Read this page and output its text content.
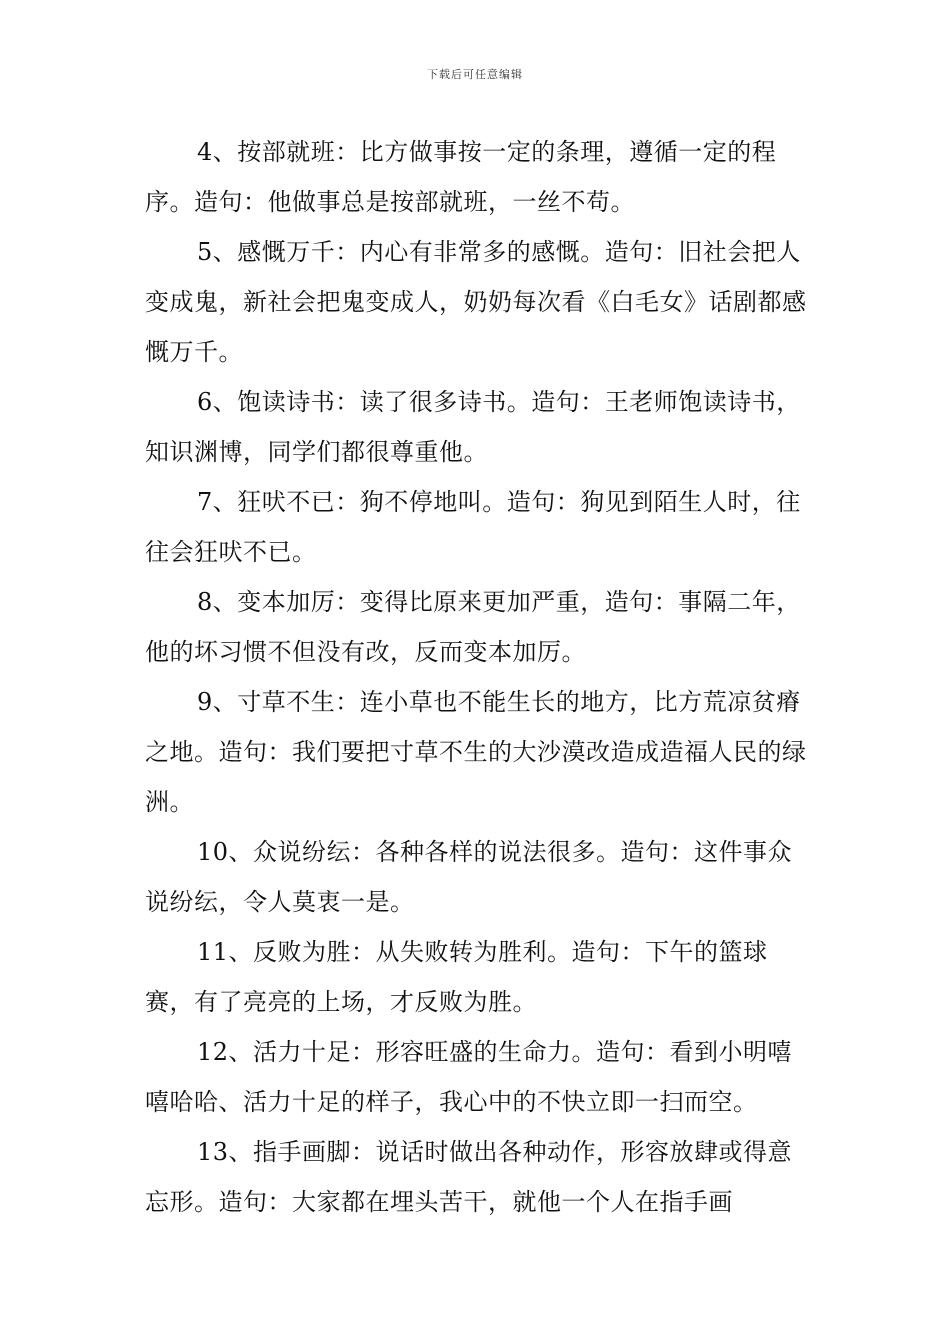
下载后可任意编辑

4、按部就班：比方做事按一定的条理，遵循一定的程序。造句：他做事总是按部就班，一丝不苟。

5、感慨万千：内心有非常多的感慨。造句：旧社会把人变成鬼，新社会把鬼变成人，奶奶每次看《白毛女》话剧都感慨万千。

6、饱读诗书：读了很多诗书。造句：王老师饱读诗书，知识渊博，同学们都很尊重他。

7、狂吠不已：狗不停地叫。造句：狗见到陌生人时，往往会狂吠不已。

8、变本加厉：变得比原来更加严重，造句：事隔二年，他的坏习惯不但没有改，反而变本加厉。

9、寸草不生：连小草也不能生长的地方，比方荒凉贫瘠之地。造句：我们要把寸草不生的大沙漠改造成造福人民的绿洲。

10、众说纷纭：各种各样的说法很多。造句：这件事众说纷纭，令人莫衷一是。

11、反败为胜：从失败转为胜利。造句：下午的篮球赛，有了亮亮的上场，才反败为胜。

12、活力十足：形容旺盛的生命力。造句：看到小明嘻嘻哈哈、活力十足的样子，我心中的不快立即一扫而空。

13、指手画脚：说话时做出各种动作，形容放肆或得意忘形。造句：大家都在埋头苦干，就他一个人在指手画
